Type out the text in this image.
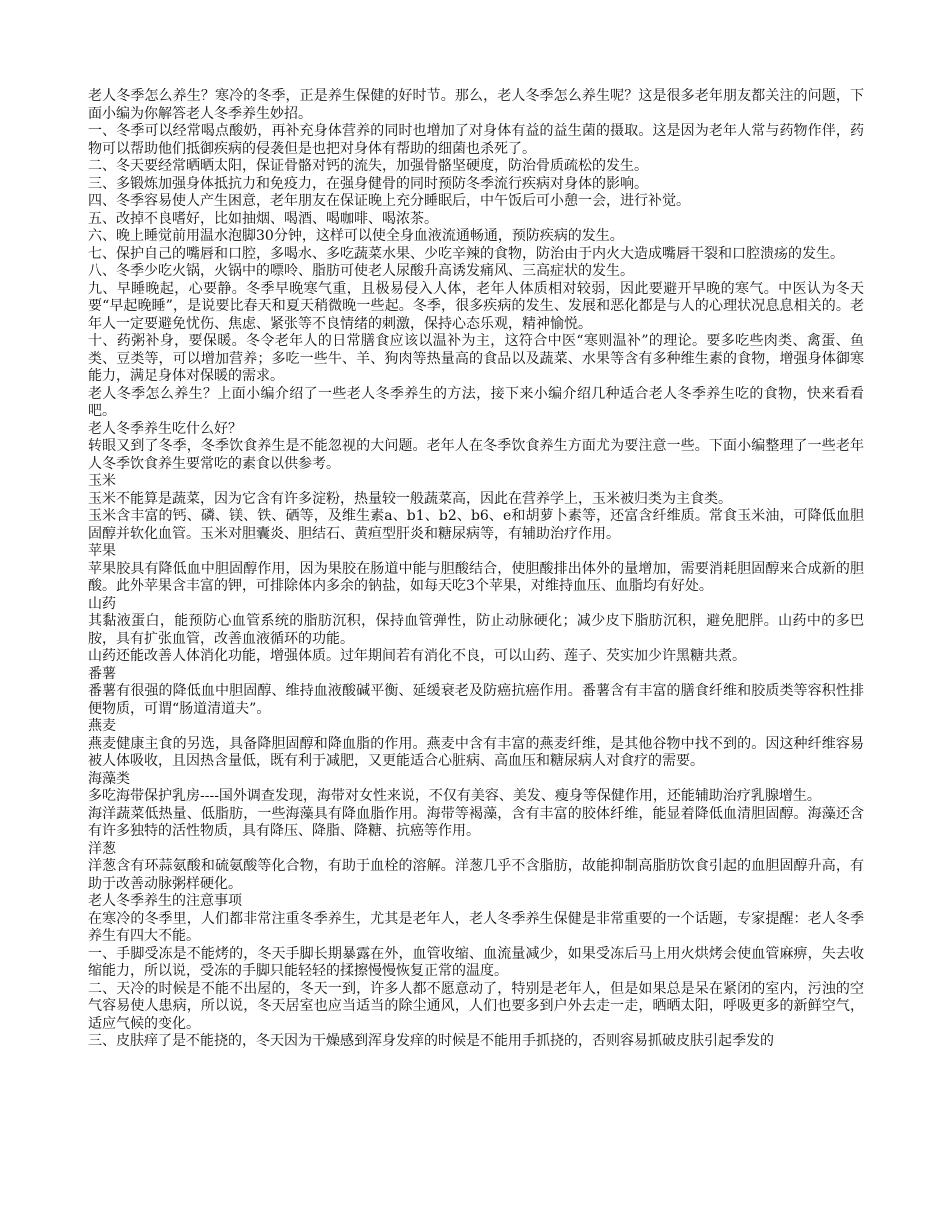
老人冬季怎么养生？寒冷的冬季，正是养生保健的好时节。那么，老人冬季怎么养生呢？这是很多老年朋友都关注的问题，下面小编为你解答老人冬季养生妙招。

一、冬季可以经常喝点酸奶，再补充身体营养的同时也增加了对身体有益的益生菌的摄取。这是因为老年人常与药物作伴，药物可以帮助他们抵御疾病的侵袭但是也把对身体有帮助的细菌也杀死了。

二、冬天要经常晒晒太阳，保证骨骼对钙的流失，加强骨骼坚硬度，防治骨质疏松的发生。

三、多锻炼加强身体抵抗力和免疫力，在强身健骨的同时预防冬季流行疾病对身体的影响。

四、冬季容易使人产生困意，老年朋友在保证晚上充分睡眠后，中午饭后可小憩一会，进行补觉。

五、改掉不良嗜好，比如抽烟、喝酒、喝咖啡、喝浓茶。

六、晚上睡觉前用温水泡脚30分钟，这样可以使全身血液流通畅通，预防疾病的发生。

七、保护自己的嘴唇和口腔，多喝水、多吃蔬菜水果、少吃辛辣的食物，防治由于内火大造成嘴唇干裂和口腔溃疡的发生。

八、冬季少吃火锅，火锅中的嘌呤、脂肪可使老人尿酸升高诱发痛风、三高症状的发生。

九、早睡晚起，心要静。冬季早晚寒气重，且极易侵入人体，老年人体质相对较弱，因此要避开早晚的寒气。中医认为冬天要“早起晚睡”，是说要比春天和夏天稍微晚一些起。冬季，很多疾病的发生、发展和恶化都是与人的心理状况息息相关的。老年人一定要避免忧伤、焦虑、紧张等不良情绪的刺激，保持心态乐观，精神愉悦。

十、药粥补身，要保暖。冬令老年人的日常膳食应该以温补为主，这符合中医“寒则温补”的理论。要多吃些肉类、禽蛋、鱼类、豆类等，可以增加营养；多吃一些牛、羊、狗肉等热量高的食品以及蔬菜、水果等含有多种维生素的食物，增强身体御寒能力，满足身体对保暖的需求。

老人冬季怎么养生？上面小编介绍了一些老人冬季养生的方法，接下来小编介绍几种适合老人冬季养生吃的食物，快来看看吧。

老人冬季养生吃什么好？

转眼又到了冬季，冬季饮食养生是不能忽视的大问题。老年人在冬季饮食养生方面尤为要注意一些。下面小编整理了一些老年人冬季饮食养生要常吃的素食以供参考。

玉米

玉米不能算是蔬菜，因为它含有许多淀粉，热量较一般蔬菜高，因此在营养学上，玉米被归类为主食类。

玉米含丰富的钙、磷、镁、铁、硒等，及维生素a、b1、b2、b6、e和胡萝卜素等，还富含纤维质。常食玉米油，可降低血胆固醇并软化血管。玉米对胆囊炎、胆结石、黄疸型肝炎和糖尿病等，有辅助治疗作用。

苹果

苹果胶具有降低血中胆固醇作用，因为果胶在肠道中能与胆酸结合，使胆酸排出体外的量增加，需要消耗胆固醇来合成新的胆酸。此外苹果含丰富的钾，可排除体内多余的钠盐，如每天吃3个苹果，对维持血压、血脂均有好处。

山药

其黏液蛋白，能预防心血管系统的脂肪沉积，保持血管弹性，防止动脉硬化；减少皮下脂肪沉积，避免肥胖。山药中的多巴胺，具有扩张血管，改善血液循环的功能。

山药还能改善人体消化功能，增强体质。过年期间若有消化不良，可以山药、莲子、芡实加少许黑糖共煮。

番薯

番薯有很强的降低血中胆固醇、维持血液酸碱平衡、延缓衰老及防癌抗癌作用。番薯含有丰富的膳食纤维和胶质类等容积性排便物质，可谓“肠道清道夫”。

燕麦

燕麦健康主食的另选，具备降胆固醇和降血脂的作用。燕麦中含有丰富的燕麦纤维，是其他谷物中找不到的。因这种纤维容易被人体吸收，且因热含量低，既有利于减肥，又更能适合心脏病、高血压和糖尿病人对食疗的需要。

海藻类

多吃海带保护乳房----国外调查发现，海带对女性来说，不仅有美容、美发、瘦身等保健作用，还能辅助治疗乳腺增生。

海洋蔬菜低热量、低脂肪，一些海藻具有降血脂作用。海带等褐藻，含有丰富的胶体纤维，能显着降低血清胆固醇。海藻还含有许多独特的活性物质，具有降压、降脂、降糖、抗癌等作用。

洋葱

洋葱含有环蒜氨酸和硫氨酸等化合物，有助于血栓的溶解。洋葱几乎不含脂肪，故能抑制高脂肪饮食引起的血胆固醇升高，有助于改善动脉粥样硬化。

老人冬季养生的注意事项

在寒冷的冬季里，人们都非常注重冬季养生，尤其是老年人，老人冬季养生保健是非常重要的一个话题，专家提醒：老人冬季养生有四大不能。

一、手脚受冻是不能烤的，冬天手脚长期暴露在外，血管收缩、血流量减少，如果受冻后马上用火烘烤会使血管麻痹，失去收缩能力，所以说，受冻的手脚只能轻轻的揉擦慢慢恢复正常的温度。

二、天冷的时候是不能不出屋的，冬天一到，许多人都不愿意动了，特别是老年人，但是如果总是呆在紧闭的室内，污浊的空气容易使人患病，所以说，冬天居室也应当适当的除尘通风，人们也要多到户外去走一走，晒晒太阳，呼吸更多的新鲜空气，适应气候的变化。

三、皮肤痒了是不能挠的，冬天因为干燥感到浑身发痒的时候是不能用手抓挠的，否则容易抓破皮肤引起季发的
